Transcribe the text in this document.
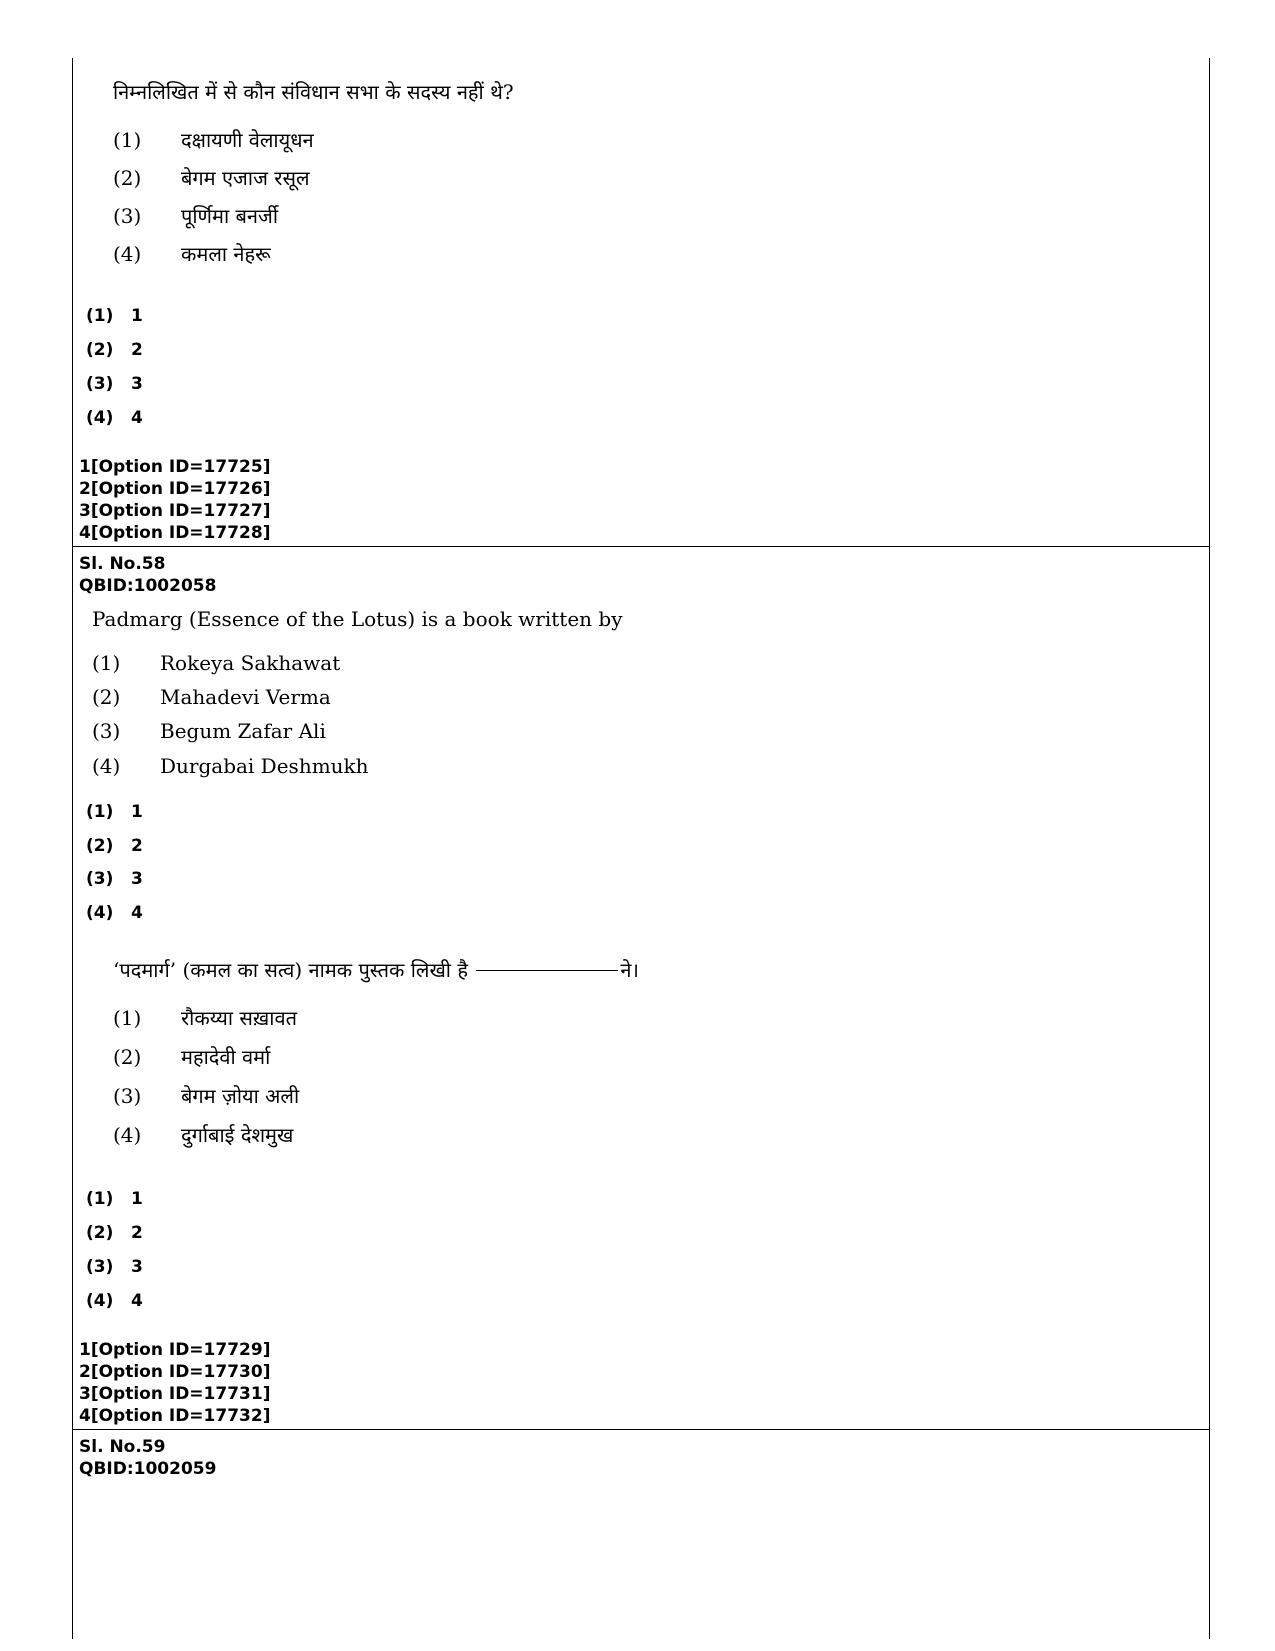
निम्नलिखित में से कौन संविधान सभा के सदस्य नहीं थे?
(1) दक्षायणी वेलायूधन
(2) बेगम एजाज रसूल
(3) पूर्णिमा बनर्जी
(4) कमला नेहरू
(1) 1
(2) 2
(3) 3
(4) 4
1[Option ID=17725]
2[Option ID=17726]
3[Option ID=17727]
4[Option ID=17728]
Sl. No.58
QBID:1002058
Padmarg (Essence of the Lotus) is a book written by
(1) Rokeya Sakhawat
(2) Mahadevi Verma
(3) Begum Zafar Ali
(4) Durgabai Deshmukh
(1) 1
(2) 2
(3) 3
(4) 4
‘पदमार्ग’ (कमल का सत्व) नामक पुस्तक लिखी है	ने।
(1) रौकय्या सख़ावत
(2) महादेवी वर्मा
(3) बेगम ज़ोया अली
(4) दुर्गाबाई देशमुख
(1) 1
(2) 2
(3) 3
(4) 4
1[Option ID=17729]
2[Option ID=17730]
3[Option ID=17731]
4[Option ID=17732]
Sl. No.59
QBID:1002059
